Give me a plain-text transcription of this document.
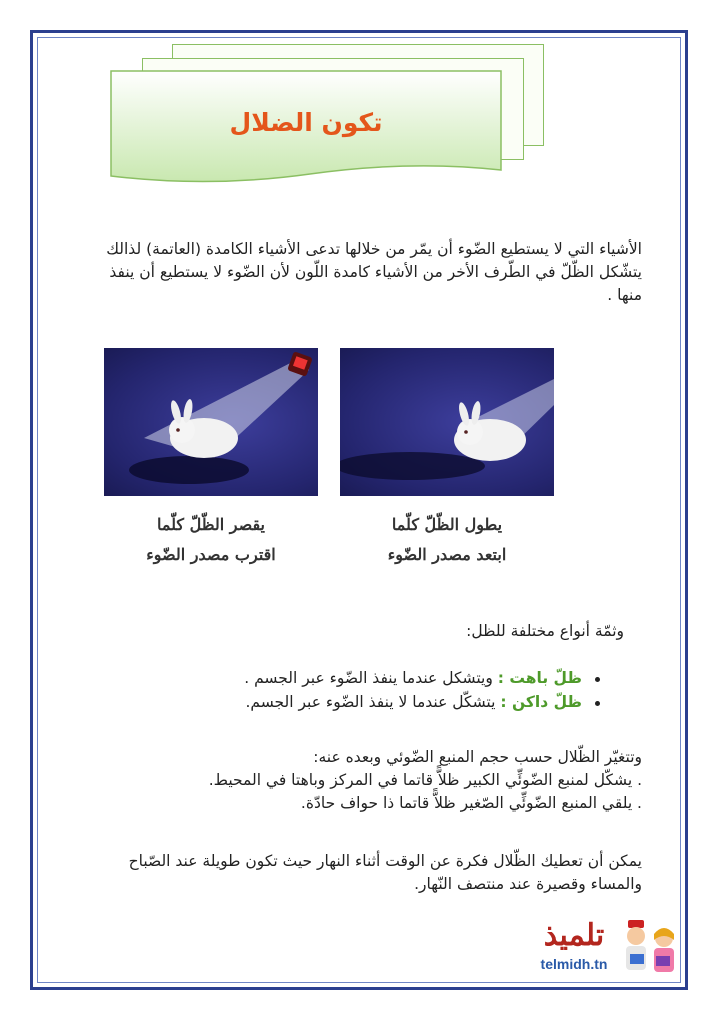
تكون الضلال
الأشياء التي لا يستطيع الضّوء أن يمّر من خلالها تدعى الأشياء الكامدة (العاتمة) لذالك يتشّكل الظّلّ في الطّرف الأخر من الأشياء كامدة اللّون لأن الضّوء لا يستطيع أن ينفذ منها .
يقصر الظّلّ كلّما
اقترب مصدر الضّوء
يطول الظّلّ كلّما
ابتعد مصدر الضّوء
وثمّة أنواع مختلفة للظل:
ظلّ باهت : ويتشكل عندما ينفذ الضّوء عبر الجسم .
ظلّ داكن : يتشكّل عندما لا ينفذ الضّوء عبر الجسم.
وتتغيّر الظّلال حسب حجم المنبع الضّوئي وبعده عنه:
. يشكّل لمنبع الضّوئِّي الكبير ظلاًّ قاتما في المركز وباهتا في المحيط.
. يلقي المنبع الضّوئِّي الصّغير ظلاًّ قاتما ذا حواف حادّة.
يمكن أن تعطيك الظّلال فكرة عن الوقت أثناء النهار حيث تكون طويلة عند الصّباح والمساء وقصيرة عند منتصف النّهار.
تلميذ
telmidh.tn
